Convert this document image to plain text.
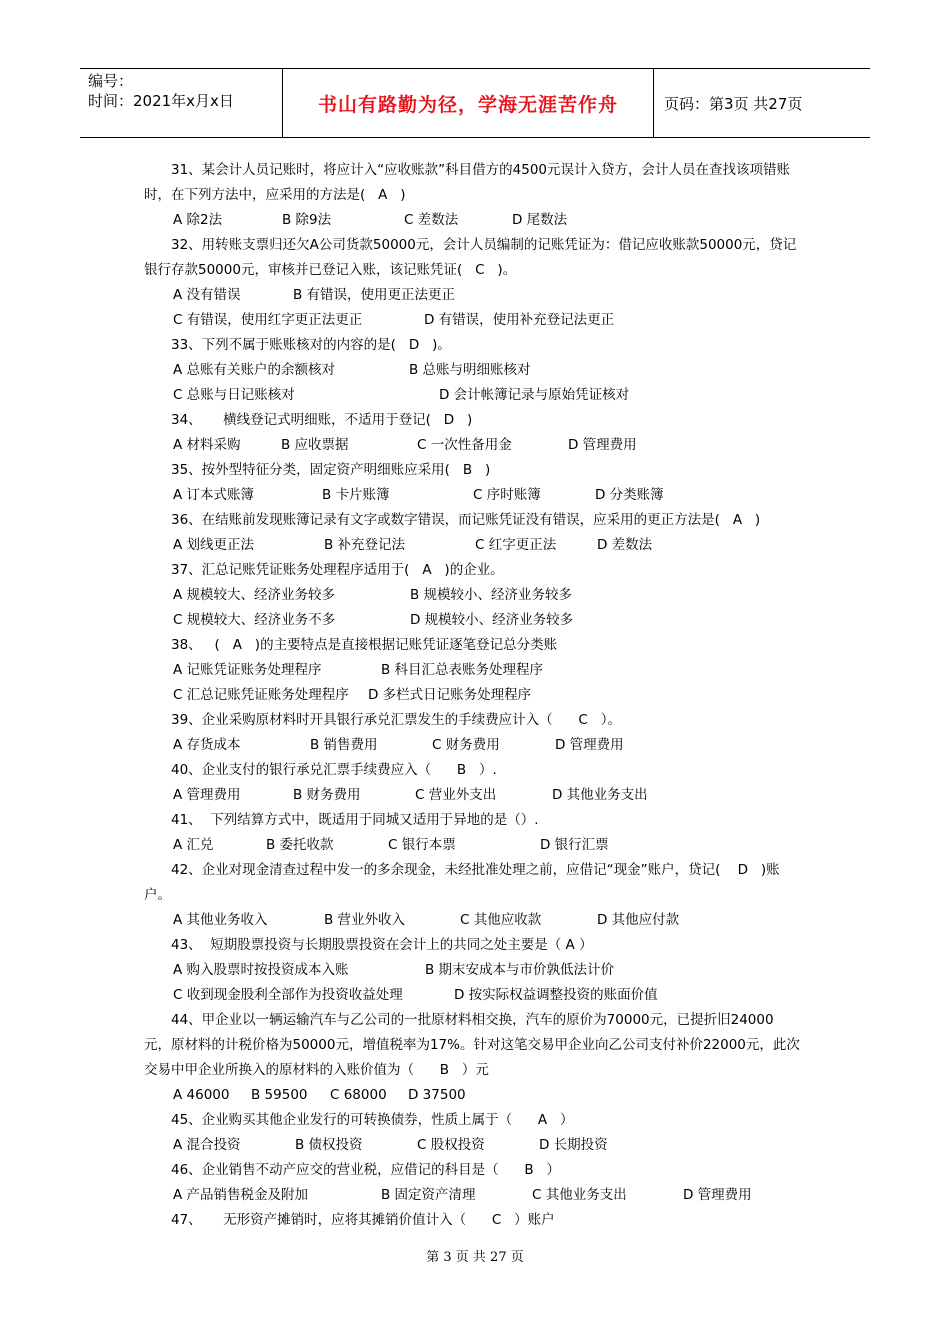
编号：
时间：2021年x月x日	书山有路勤为径，学海无涯苦作舟	页码：第3页 共27页
　　31、某会计人员记账时，将应计入“应收账款”科目借方的4500元误计入贷方，会计人员在查找该项错账时，在下列方法中，应采用的方法是(   A   )
A 除2法	B 除9法	C 差数法	D 尾数法
　　32、用转账支票归还欠A公司货款50000元，会计人员编制的记账凭证为：借记应收账款50000元，贷记银行存款50000元，审核并已登记入账，该记账凭证(   C   )。
A 没有错误	B 有错误，使用更正法更正
C 有错误，使用红字更正法更正	D 有错误，使用补充登记法更正
　　33、下列不属于账账核对的内容的是(   D   )。
A 总账有关账户的余额核对	B 总账与明细账核对
C 总账与日记账核对	D 会计帐簿记录与原始凭证核对
　　34、     横线登记式明细账，不适用于登记(   D   )
A 材料采购	B 应收票据	C 一次性备用金	D 管理费用
　　35、按外型特征分类，固定资产明细账应采用(   B   )
A 订本式账簿	B 卡片账簿	C 序时账簿	D 分类账簿
　　36、在结账前发现账簿记录有文字或数字错误，而记账凭证没有错误，应采用的更正方法是(   A   )
A 划线更正法	B 补充登记法	C 红字更正法	D 差数法
　　37、汇总记账凭证账务处理程序适用于(   A   )的企业。
A 规模较大、经济业务较多	B 规模较小、经济业务较多
C 规模较大、经济业务不多	D 规模较小、经济业务较多
　　38、   (   A   )的主要特点是直接根据记账凭证逐笔登记总分类账
A 记账凭证账务处理程序	B 科目汇总表账务处理程序
C 汇总记账凭证账务处理程序	D 多栏式日记账务处理程序
　　39、企业采购原材料时开具银行承兑汇票发生的手续费应计入（      C   ）。
A 存货成本	B 销售费用	C 财务费用	D 管理费用
　　40、企业支付的银行承兑汇票手续费应入（      B   ）.
A 管理费用	B 财务费用	C 营业外支出	D 其他业务支出
　　41、  下列结算方式中，既适用于同城又适用于异地的是（）.
A 汇兑	B 委托收款	C 银行本票	D 银行汇票
　　42、企业对现金清查过程中发一的多余现金，未经批准处理之前，应借记“现金”账户，贷记(    D   )账户。
A 其他业务收入	B 营业外收入	C 其他应收款	D 其他应付款
　　43、  短期股票投资与长期股票投资在会计上的共同之处主要是（ A ）
A 购入股票时按投资成本入账	B 期末安成本与市价孰低法计价
C 收到现金股利全部作为投资收益处理	D 按实际权益调整投资的账面价值
　　44、甲企业以一辆运输汽车与乙公司的一批原材料相交换，汽车的原价为70000元，已提折旧24000元，原材料的计税价格为50000元，增值税率为17%。针对这笔交易甲企业向乙公司支付补价22000元，此次交易中甲企业所换入的原材料的入账价值为（      B   ）元
A 46000	B 59500	C 68000	D 37500
　　45、企业购买其他企业发行的可转换债券，性质上属于（      A   ）
A 混合投资	B 债权投资	C 股权投资	D 长期投资
　　46、企业销售不动产应交的营业税，应借记的科目是（      B   ）
A 产品销售税金及附加	B 固定资产清理	C 其他业务支出	D 管理费用
　　47、     无形资产摊销时，应将其摊销价值计入（      C   ）账户
第 3 页 共 27 页
